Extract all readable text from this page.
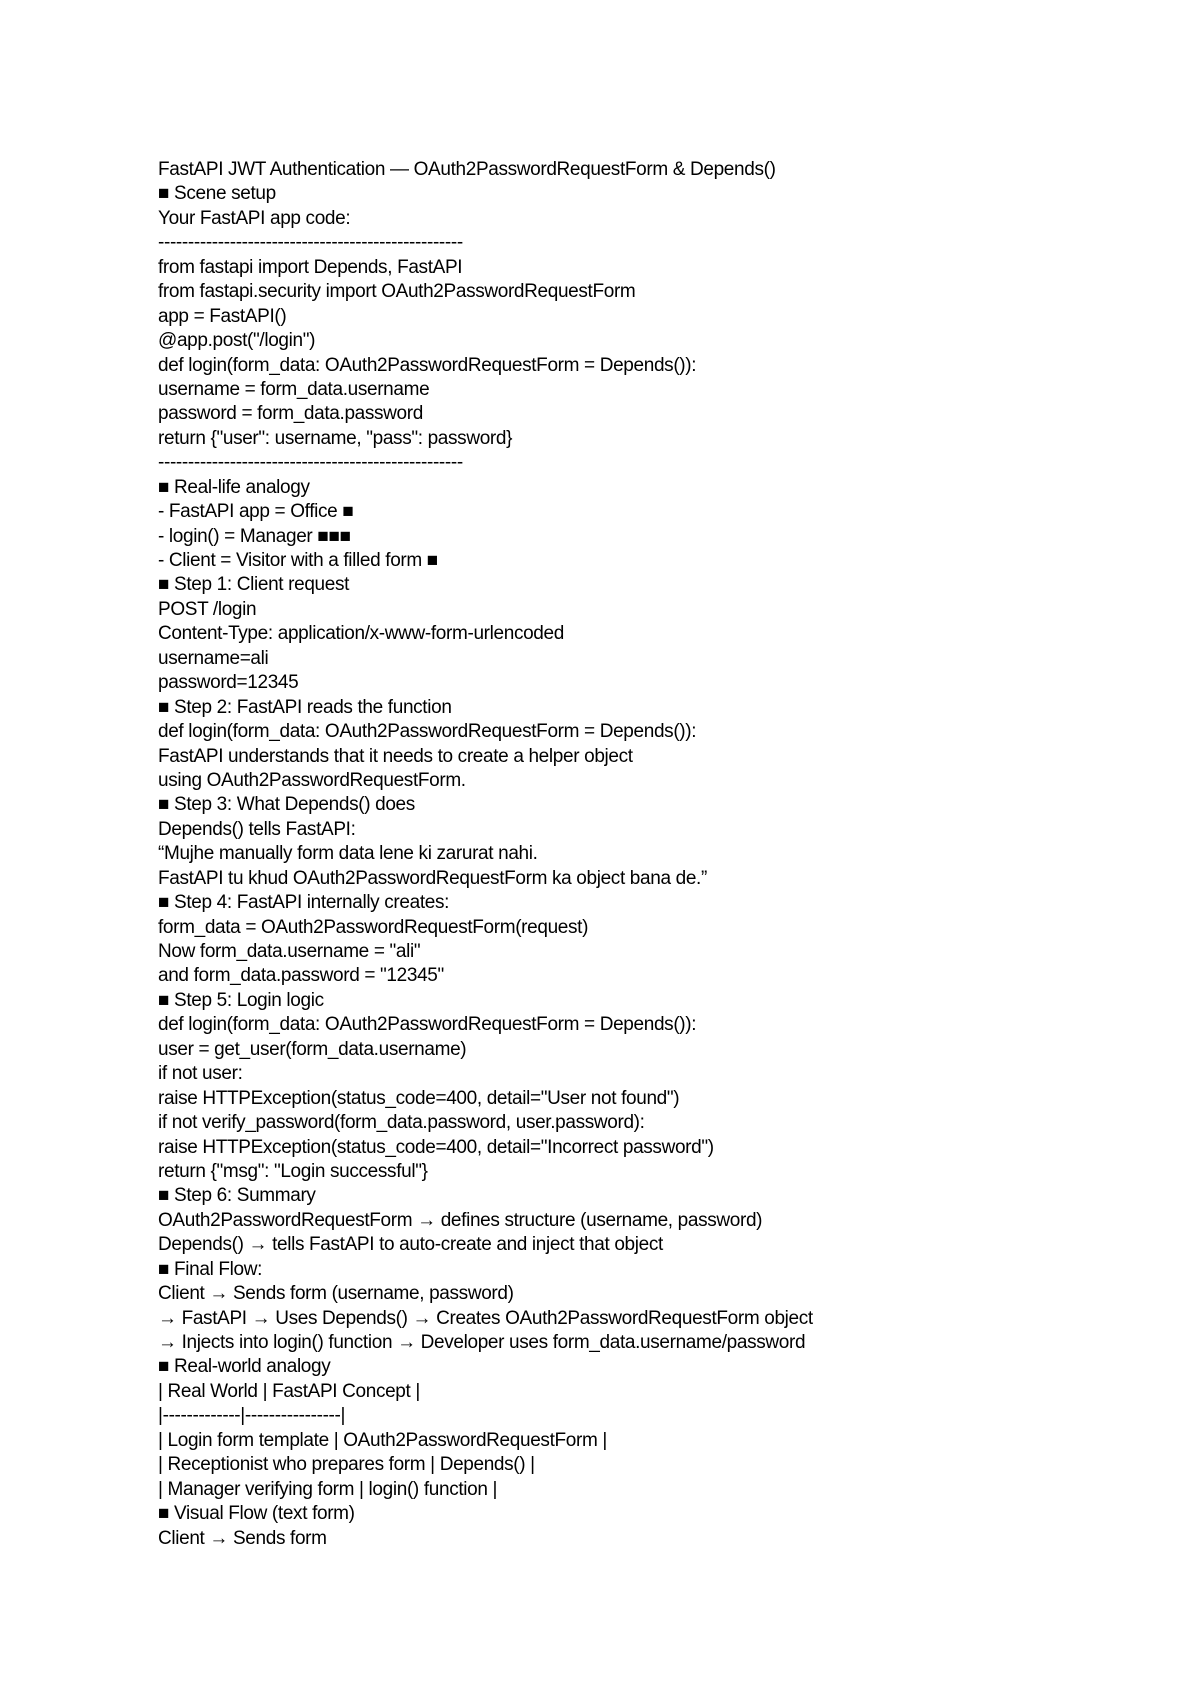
FastAPI JWT Authentication — OAuth2PasswordRequestForm & Depends()
■ Scene setup
Your FastAPI app code:
---------------------------------------------------
from fastapi import Depends, FastAPI
from fastapi.security import OAuth2PasswordRequestForm
app = FastAPI()
@app.post("/login")
def login(form_data: OAuth2PasswordRequestForm = Depends()):
username = form_data.username
password = form_data.password
return {"user": username, "pass": password}
---------------------------------------------------
■ Real-life analogy
- FastAPI app = Office ■
- login() = Manager ■■■
- Client = Visitor with a filled form ■
■ Step 1: Client request
POST /login
Content-Type: application/x-www-form-urlencoded
username=ali
password=12345
■ Step 2: FastAPI reads the function
def login(form_data: OAuth2PasswordRequestForm = Depends()):
FastAPI understands that it needs to create a helper object
using OAuth2PasswordRequestForm.
■ Step 3: What Depends() does
Depends() tells FastAPI:
“Mujhe manually form data lene ki zarurat nahi.
FastAPI tu khud OAuth2PasswordRequestForm ka object bana de.”
■ Step 4: FastAPI internally creates:
form_data = OAuth2PasswordRequestForm(request)
Now form_data.username = "ali"
and form_data.password = "12345"
■ Step 5: Login logic
def login(form_data: OAuth2PasswordRequestForm = Depends()):
user = get_user(form_data.username)
if not user:
raise HTTPException(status_code=400, detail="User not found")
if not verify_password(form_data.password, user.password):
raise HTTPException(status_code=400, detail="Incorrect password")
return {"msg": "Login successful"}
■ Step 6: Summary
OAuth2PasswordRequestForm → defines structure (username, password)
Depends() → tells FastAPI to auto-create and inject that object
■ Final Flow:
Client → Sends form (username, password)
→ FastAPI → Uses Depends() → Creates OAuth2PasswordRequestForm object
→ Injects into login() function → Developer uses form_data.username/password
■ Real-world analogy
| Real World | FastAPI Concept |
|-------------|----------------|
| Login form template | OAuth2PasswordRequestForm |
| Receptionist who prepares form | Depends() |
| Manager verifying form | login() function |
■ Visual Flow (text form)
Client → Sends form
